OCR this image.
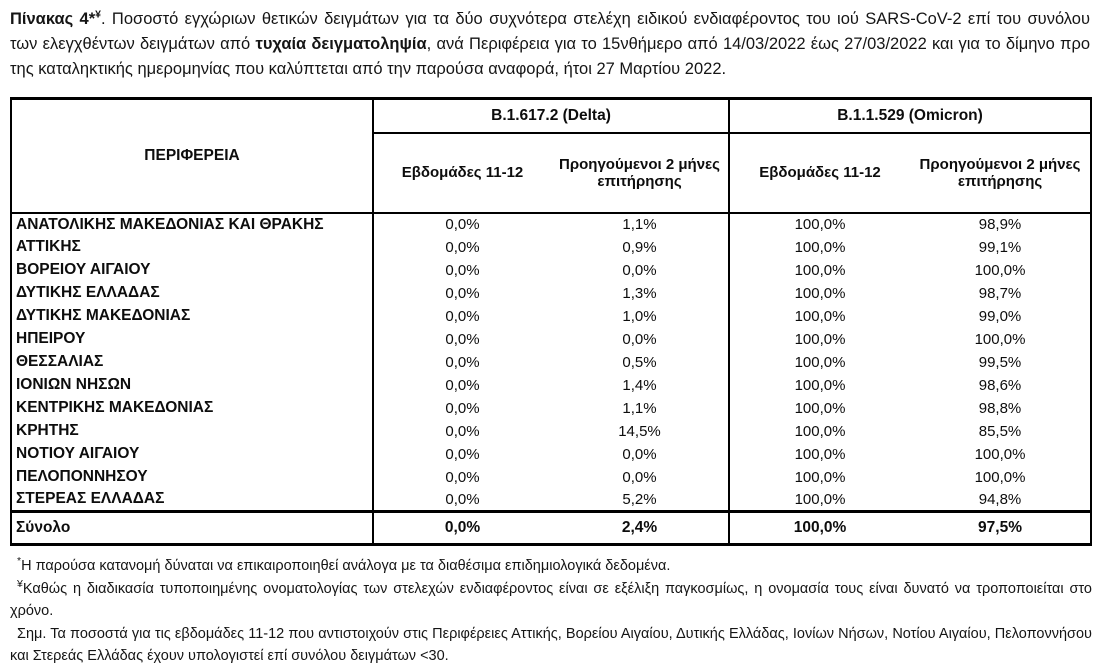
Πίνακας 4*¥. Ποσοστό εγχώριων θετικών δειγμάτων για τα δύο συχνότερα στελέχη ειδικού ενδιαφέροντος του ιού SARS-CoV-2 επί του συνόλου των ελεγχθέντων δειγμάτων από τυχαία δειγματοληψία, ανά Περιφέρεια για το 15νθήμερο από 14/03/2022 έως 27/03/2022 και για το δίμηνο προ της καταληκτικής ημερομηνίας που καλύπτεται από την παρούσα αναφορά, ήτοι 27 Μαρτίου 2022.

ΠΕΡΙΦΕΡΕΙΑ	B.1.617.2 (Delta)		B.1.1.529 (Omicron)	
	Εβδομάδες 11-12	Προηγούμενοι 2 μήνες επιτήρησης	Εβδομάδες 11-12	Προηγούμενοι 2 μήνες επιτήρησης
ΑΝΑΤΟΛΙΚΗΣ ΜΑΚΕΔΟΝΙΑΣ ΚΑΙ ΘΡΑΚΗΣ	0,0%	1,1%	100,0%	98,9%
ΑΤΤΙΚΗΣ	0,0%	0,9%	100,0%	99,1%
ΒΟΡΕΙΟΥ ΑΙΓΑΙΟΥ	0,0%	0,0%	100,0%	100,0%
ΔΥΤΙΚΗΣ ΕΛΛΑΔΑΣ	0,0%	1,3%	100,0%	98,7%
ΔΥΤΙΚΗΣ ΜΑΚΕΔΟΝΙΑΣ	0,0%	1,0%	100,0%	99,0%
ΗΠΕΙΡΟΥ	0,0%	0,0%	100,0%	100,0%
ΘΕΣΣΑΛΙΑΣ	0,0%	0,5%	100,0%	99,5%
ΙΟΝΙΩΝ ΝΗΣΩΝ	0,0%	1,4%	100,0%	98,6%
ΚΕΝΤΡΙΚΗΣ ΜΑΚΕΔΟΝΙΑΣ	0,0%	1,1%	100,0%	98,8%
ΚΡΗΤΗΣ	0,0%	14,5%	100,0%	85,5%
ΝΟΤΙΟΥ ΑΙΓΑΙΟΥ	0,0%	0,0%	100,0%	100,0%
ΠΕΛΟΠΟΝΝΗΣΟΥ	0,0%	0,0%	100,0%	100,0%
ΣΤΕΡΕΑΣ ΕΛΛΑΔΑΣ	0,0%	5,2%	100,0%	94,8%
Σύνολο	0,0%	2,4%	100,0%	97,5%

*Η παρούσα κατανομή δύναται να επικαιροποιηθεί ανάλογα με τα διαθέσιμα επιδημιολογικά δεδομένα.

¥Καθώς η διαδικασία τυποποιημένης ονοματολογίας των στελεχών ενδιαφέροντος είναι σε εξέλιξη παγκοσμίως, η ονομασία τους είναι δυνατό να τροποποιείται στο χρόνο.

Σημ. Τα ποσοστά για τις εβδομάδες 11-12 που αντιστοιχούν στις Περιφέρειες Αττικής, Βορείου Αιγαίου, Δυτικής Ελλάδας, Ιονίων Νήσων, Νοτίου Αιγαίου, Πελοποννήσου και Στερεάς Ελλάδας έχουν υπολογιστεί επί συνόλου δειγμάτων <30.
